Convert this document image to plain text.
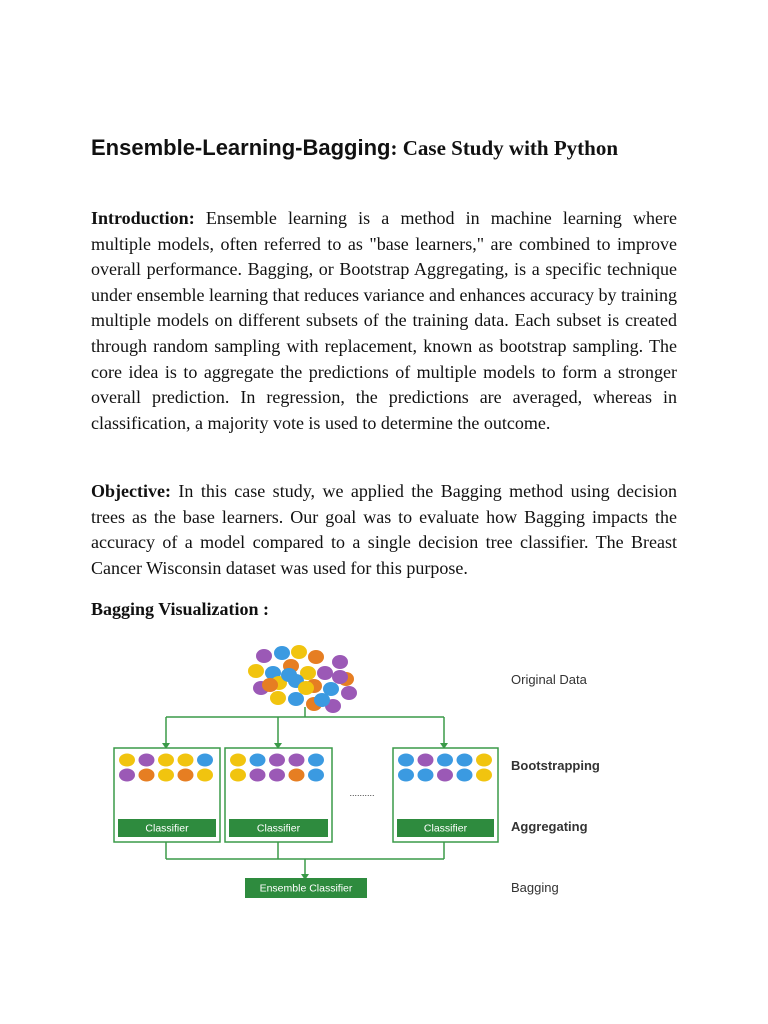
Ensemble-Learning-Bagging: Case Study with Python

Introduction: Ensemble learning is a method in machine learning where multiple models, often referred to as "base learners," are combined to improve overall performance. Bagging, or Bootstrap Aggregating, is a specific technique under ensemble learning that reduces variance and enhances accuracy by training multiple models on different subsets of the training data. Each subset is created through random sampling with replacement, known as bootstrap sampling. The core idea is to aggregate the predictions of multiple models to form a stronger overall prediction. In regression, the predictions are averaged, whereas in classification, a majority vote is used to determine the outcome.

Objective: In this case study, we applied the Bagging method using decision trees as the base learners. Our goal was to evaluate how Bagging impacts the accuracy of a model compared to a single decision tree classifier. The Breast Cancer Wisconsin dataset was used for this purpose.

Bagging Visualization :

Classifier	Classifier	Classifier
..........
Ensemble Classifier
Original Data
Bootstrapping
Aggregating
Bagging
